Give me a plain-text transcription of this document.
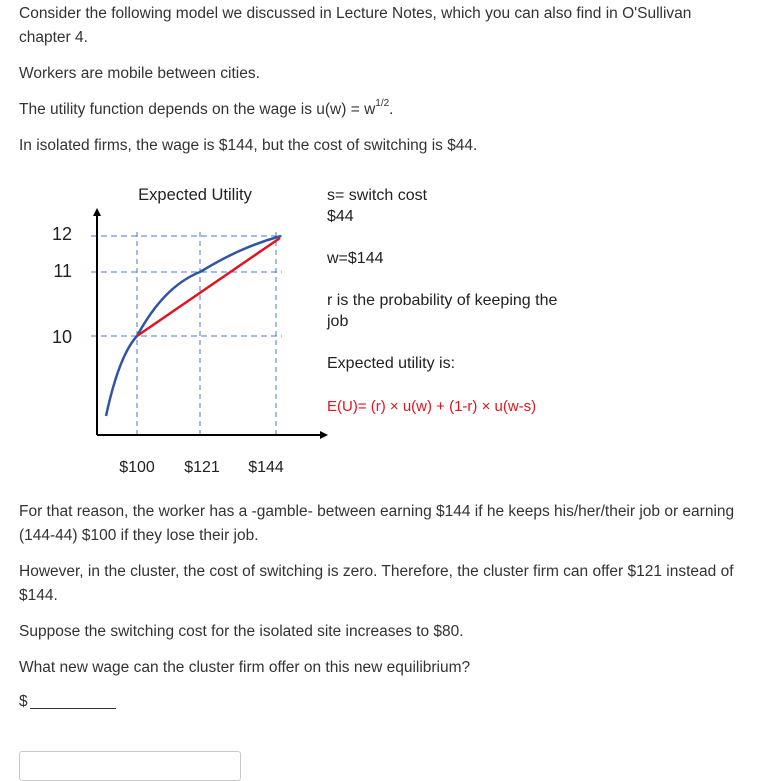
Consider the following model we discussed in Lecture Notes, which you can also find in O'Sullivan chapter 4.

Workers are mobile between cities.

The utility function depends on the wage is $u(w) = w^{1/2}$.

In isolated firms, the wage is $144, but the cost of switching is $44.

Expected Utility
12
11
10
$100 $121 $144
s= switch cost
$44
w=$144
r is the probability of keeping the
job
Expected utility is:
E(U)= (r) × u(w) + (1-r) × u(w-s)

For that reason, the worker has a -gamble- between earning $144 if he keeps his/her/their job or earning (144-44) $100 if they lose their job.

However, in the cluster, the cost of switching is zero. Therefore, the cluster firm can offer $121 instead of $144.

Suppose the switching cost for the isolated site increases to $80.

What new wage can the cluster firm offer on this new equilibrium?

$
